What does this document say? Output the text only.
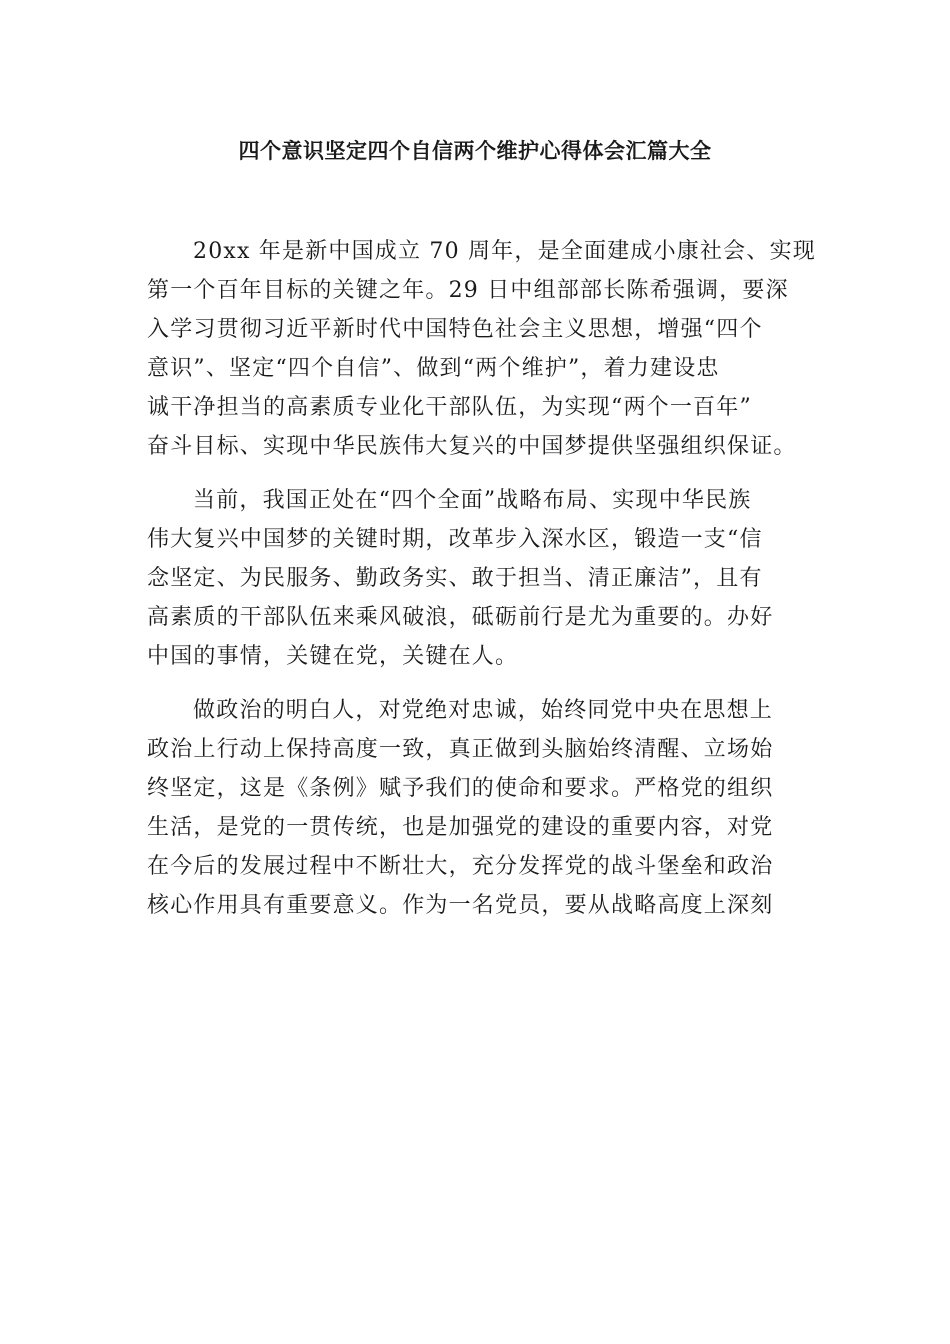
四个意识坚定四个自信两个维护心得体会汇篇大全

20xx 年是新中国成立 70 周年，是全面建成小康社会、实现
第一个百年目标的关键之年。29 日中组部部长陈希强调，要深
入学习贯彻习近平新时代中国特色社会主义思想，增强“四个
意识”、坚定“四个自信”、做到“两个维护”，着力建设忠
诚干净担当的高素质专业化干部队伍，为实现“两个一百年”
奋斗目标、实现中华民族伟大复兴的中国梦提供坚强组织保证。

当前，我国正处在“四个全面”战略布局、实现中华民族
伟大复兴中国梦的关键时期，改革步入深水区，锻造一支“信
念坚定、为民服务、勤政务实、敢于担当、清正廉洁”，且有
高素质的干部队伍来乘风破浪，砥砺前行是尤为重要的。办好
中国的事情，关键在党，关键在人。

做政治的明白人，对党绝对忠诚，始终同党中央在思想上
政治上行动上保持高度一致，真正做到头脑始终清醒、立场始
终坚定，这是《条例》赋予我们的使命和要求。严格党的组织
生活，是党的一贯传统，也是加强党的建设的重要内容，对党
在今后的发展过程中不断壮大，充分发挥党的战斗堡垒和政治
核心作用具有重要意义。作为一名党员，要从战略高度上深刻
